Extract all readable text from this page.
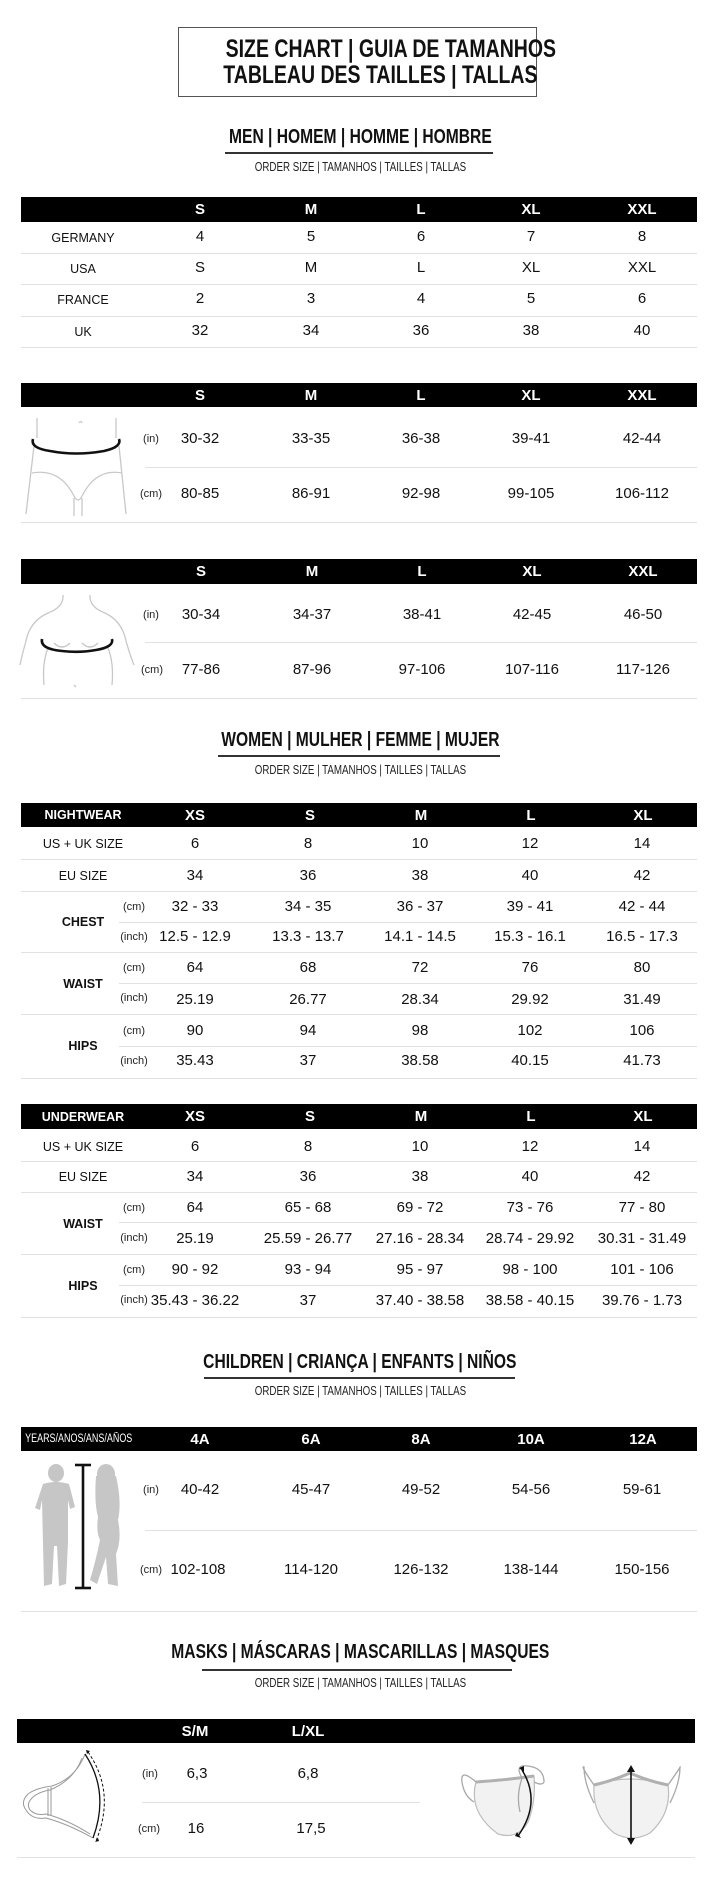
SIZE CHART | GUIA DE TAMANHOS
TABLEAU DES TAILLES | TALLAS
MEN | HOMEM | HOMME | HOMBRE
ORDER SIZE | TAMANHOS | TAILLES | TALLAS
S	M	L	XL	XXL
GERMANY	4	5	6	7	8
USA	S	M	L	XL	XXL
FRANCE	2	3	4	5	6
UK	32	34	36	38	40
S	M	L	XL	XXL
(in)	30-32	33-35	36-38	39-41	42-44
(cm)	80-85	86-91	92-98	99-105	106-112
S	M	L	XL	XXL
(in)	30-34	34-37	38-41	42-45	46-50
(cm)	77-86	87-96	97-106	107-116	117-126
WOMEN | MULHER | FEMME | MUJER
ORDER SIZE | TAMANHOS | TAILLES | TALLAS
NIGHTWEAR	XS	S	M	L	XL
US + UK SIZE	6	8	10	12	14
EU SIZE	34	36	38	40	42
CHEST
(cm)	32 - 33	34 - 35	36 - 37	39 - 41	42 - 44
(inch) 12.5 - 12.9	13.3 - 13.7	14.1 - 14.5	15.3 - 16.1	16.5 - 17.3
WAIST
(cm)	64	68	72	76	80
(inch)	25.19	26.77	28.34	29.92	31.49
HIPS
(cm)	90	94	98	102	106
(inch)	35.43	37	38.58	40.15	41.73
UNDERWEAR	XS	S	M	L	XL
US + UK SIZE	6	8	10	12	14
EU SIZE	34	36	38	40	42
WAIST
(cm)	64	65 - 68	69 - 72	73 - 76	77 - 80
(inch)	25.19	25.59 - 26.77	27.16 - 28.34	28.74 - 29.92	30.31 - 31.49
HIPS
(cm)	90 - 92	93 - 94	95 - 97	98 - 100	101 - 106
(inch) 35.43 - 36.22	37	37.40 - 38.58	38.58 - 40.15	39.76 - 1.73
CHILDREN | CRIANÇA | ENFANTS | NIÑOS
ORDER SIZE | TAMANHOS | TAILLES | TALLAS
YEARS/ANOS/ANS/AÑOS	4A	6A	8A	10A	12A
(in)	40-42	45-47	49-52	54-56	59-61
(cm) 102-108	114-120	126-132	138-144	150-156
MASKS | MÁSCARAS | MASCARILLAS | MASQUES
ORDER SIZE | TAMANHOS | TAILLES | TALLAS
S/M	L/XL
(in)	6,3	6,8
(cm)	16	17,5
